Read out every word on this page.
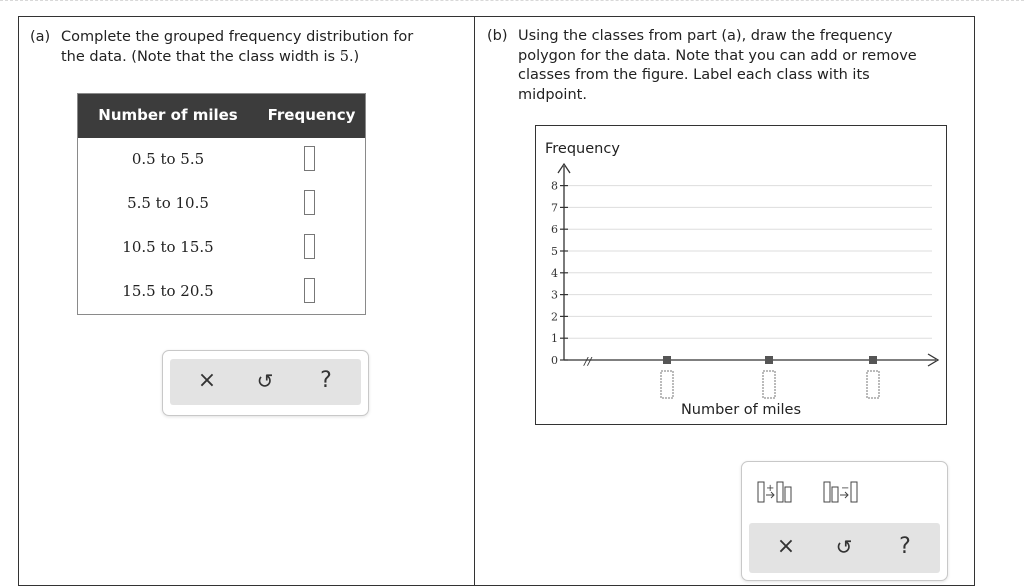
(a) Complete the grouped frequency distribution for
the data. (Note that the class width is 5.)
Number of miles	Frequency
0.5 to 5.5
5.5 to 10.5
10.5 to 15.5
15.5 to 20.5
×	↺	?
(b) Using the classes from part (a), draw the frequency
polygon for the data. Note that you can add or remove
classes from the figure. Label each class with its
midpoint.
Frequency
0
1
2
3
4
5
6
7
8
//
Number of miles
+	−
×	↺	?
